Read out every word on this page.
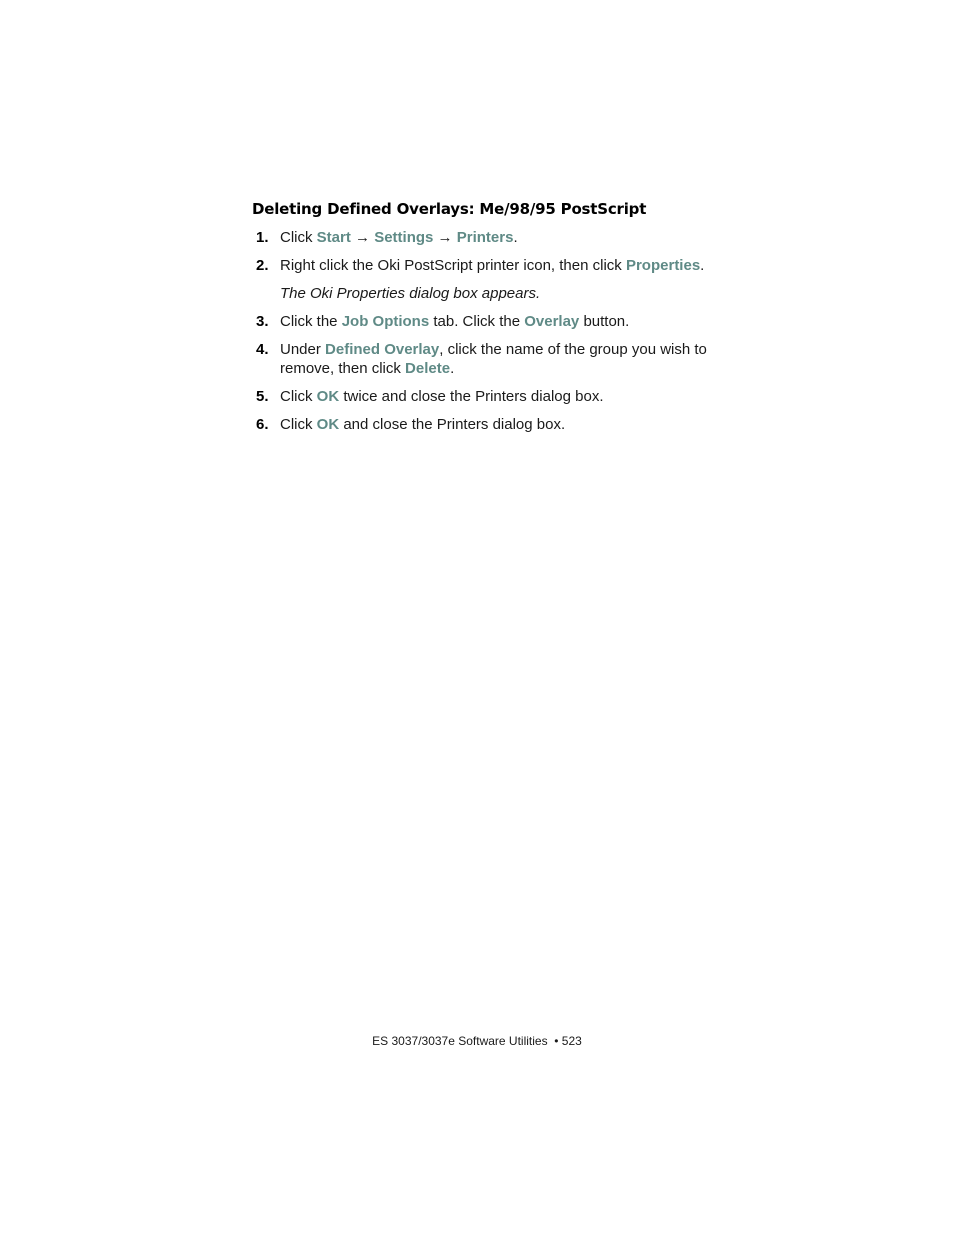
Deleting Defined Overlays: Me/98/95 PostScript
1. Click Start → Settings → Printers.
2. Right click the Oki PostScript printer icon, then click Properties.
The Oki Properties dialog box appears.
3. Click the Job Options tab. Click the Overlay button.
4. Under Defined Overlay, click the name of the group you wish to remove, then click Delete.
5. Click OK twice and close the Printers dialog box.
6. Click OK and close the Printers dialog box.
ES 3037/3037e Software Utilities  • 523
